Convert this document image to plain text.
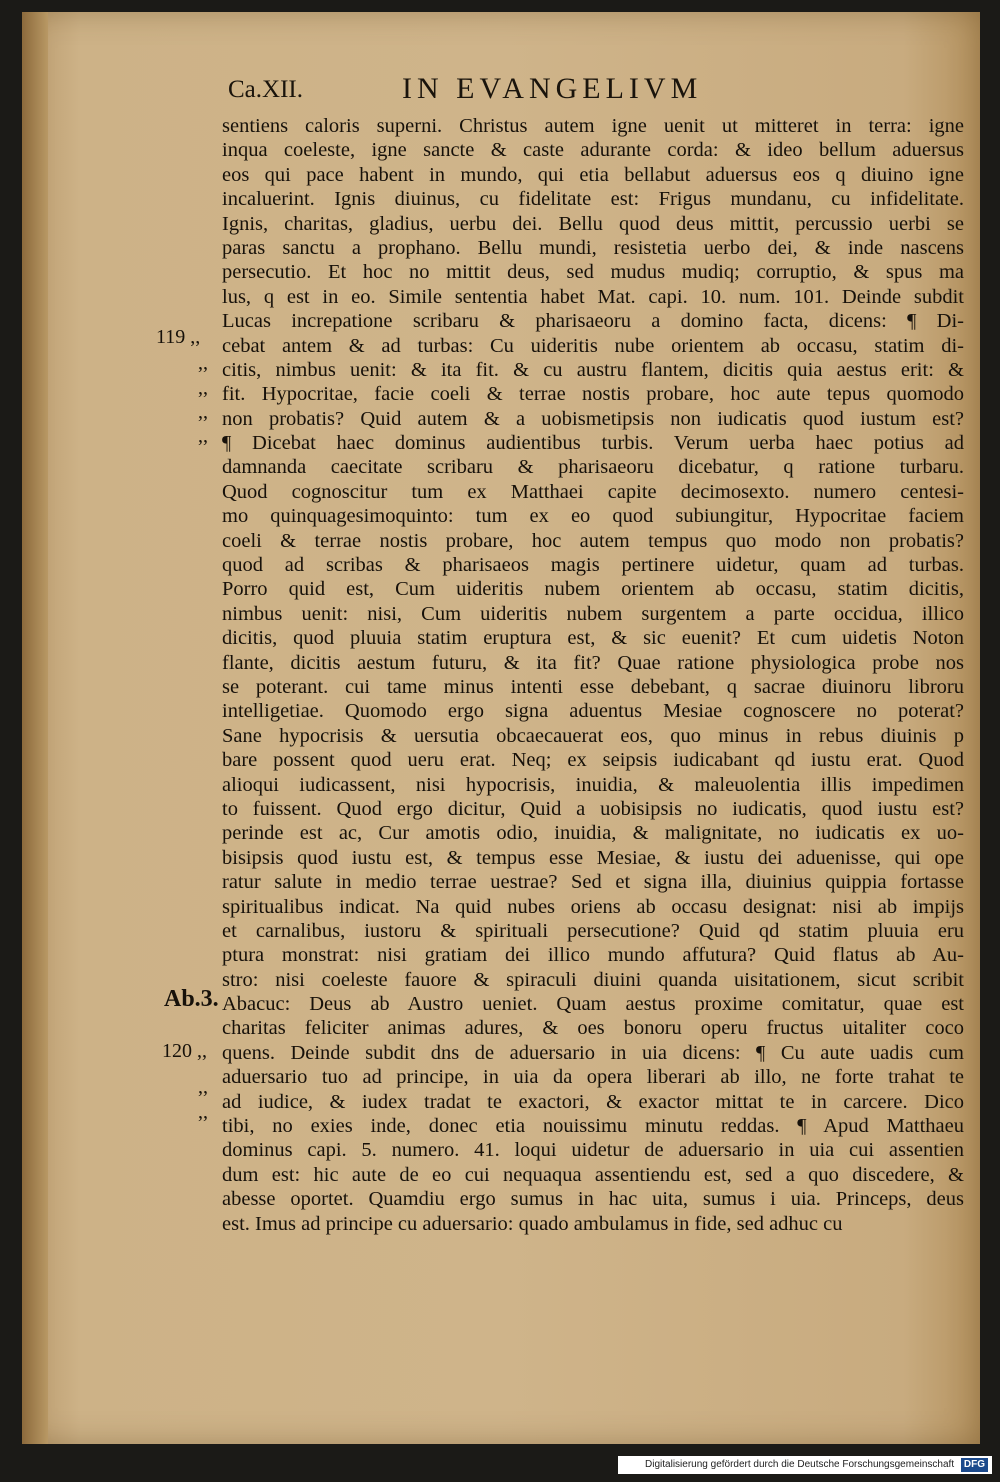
Ca.XII.	IN EVANGELIVM
sentiens caloris superni. Christus autem igne uenit ut mitteret in terra: igne
inqua coeleste, igne sancte & caste adurante corda: & ideo bellum aduersus
eos qui pace habent in mundo, qui etia bellabut aduersus eos q diuino igne
incaluerint. Ignis diuinus, cu fidelitate est: Frigus mundanu, cu infidelitate.
Ignis, charitas, gladius, uerbu dei. Bellu quod deus mittit, percussio uerbi se
paras sanctu a prophano. Bellu mundi, resistetia uerbo dei, & inde nascens
persecutio. Et hoc no mittit deus, sed mudus mudiq; corruptio, & spus ma
lus, q est in eo. Simile sententia habet Mat. capi. 10. num. 101. Deinde subdit
Lucas increpatione scribaru & pharisaeoru a domino facta, dicens: ¶ Di-
cebat antem & ad turbas: Cu uideritis nube orientem ab occasu, statim di-
citis, nimbus uenit: & ita fit. & cu austru flantem, dicitis quia aestus erit: &
fit. Hypocritae, facie coeli & terrae nostis probare, hoc aute tepus quomodo
non probatis? Quid autem & a uobismetipsis non iudicatis quod iustum est?
¶ Dicebat haec dominus audientibus turbis. Verum uerba haec potius ad
damnanda caecitate scribaru & pharisaeoru dicebatur, q ratione turbaru.
Quod cognoscitur tum ex Matthaei capite decimosexto. numero centesi-
mo quinquagesimoquinto: tum ex eo quod subiungitur, Hypocritae faciem
coeli & terrae nostis probare, hoc autem tempus quo modo non probatis?
quod ad scribas & pharisaeos magis pertinere uidetur, quam ad turbas.
Porro quid est, Cum uideritis nubem orientem ab occasu, statim dicitis,
nimbus uenit: nisi, Cum uideritis nubem surgentem a parte occidua, illico
dicitis, quod pluuia statim eruptura est, & sic euenit? Et cum uidetis Noton
flante, dicitis aestum futuru, & ita fit? Quae ratione physiologica probe nos
se poterant. cui tame minus intenti esse debebant, q sacrae diuinoru libroru
intelligetiae. Quomodo ergo signa aduentus Mesiae cognoscere no poterat?
Sane hypocrisis & uersutia obcaecauerat eos, quo minus in rebus diuinis p
bare possent quod ueru erat. Neq; ex seipsis iudicabant qd iustu erat. Quod
alioqui iudicassent, nisi hypocrisis, inuidia, & maleuolentia illis impedimen
to fuissent. Quod ergo dicitur, Quid a uobisipsis no iudicatis, quod iustu est?
perinde est ac, Cur amotis odio, inuidia, & malignitate, no iudicatis ex uo-
bisipsis quod iustu est, & tempus esse Mesiae, & iustu dei aduenisse, qui ope
ratur salute in medio terrae uestrae? Sed et signa illa, diuinius quippia fortasse
spiritualibus indicat. Na quid nubes oriens ab occasu designat: nisi ab impijs
et carnalibus, iustoru & spirituali persecutione? Quid qd statim pluuia eru
ptura monstrat: nisi gratiam dei illico mundo affutura? Quid flatus ab Au-
stro: nisi coeleste fauore & spiraculi diuini quanda uisitationem, sicut scribit
Abacuc: Deus ab Austro ueniet. Quam aestus proxime comitatur, quae est
charitas feliciter animas adures, & oes bonoru operu fructus uitaliter coco
quens. Deinde subdit dns de aduersario in uia dicens: ¶ Cu aute uadis cum
aduersario tuo ad principe, in uia da opera liberari ab illo, ne forte trahat te
ad iudice, & iudex tradat te exactori, & exactor mittat te in carcere. Dico
tibi, no exies inde, donec etia nouissimu minutu reddas. ¶ Apud Matthaeu
dominus capi. 5. numero. 41. loqui uidetur de aduersario in uia cui assentien
dum est: hic aute de eo cui nequaqua assentiendu est, sed a quo discedere, &
abesse oportet. Quamdiu ergo sumus in hac uita, sumus i uia. Princeps, deus
est. Imus ad principe cu aduersario: quado ambulamus in fide, sed adhuc cu
119 ,,
,,
,,
,,
,,
Ab.3.
120 ,,
,,
,,
Digitalisierung gefördert durch die Deutsche Forschungsgemeinschaft DFG
